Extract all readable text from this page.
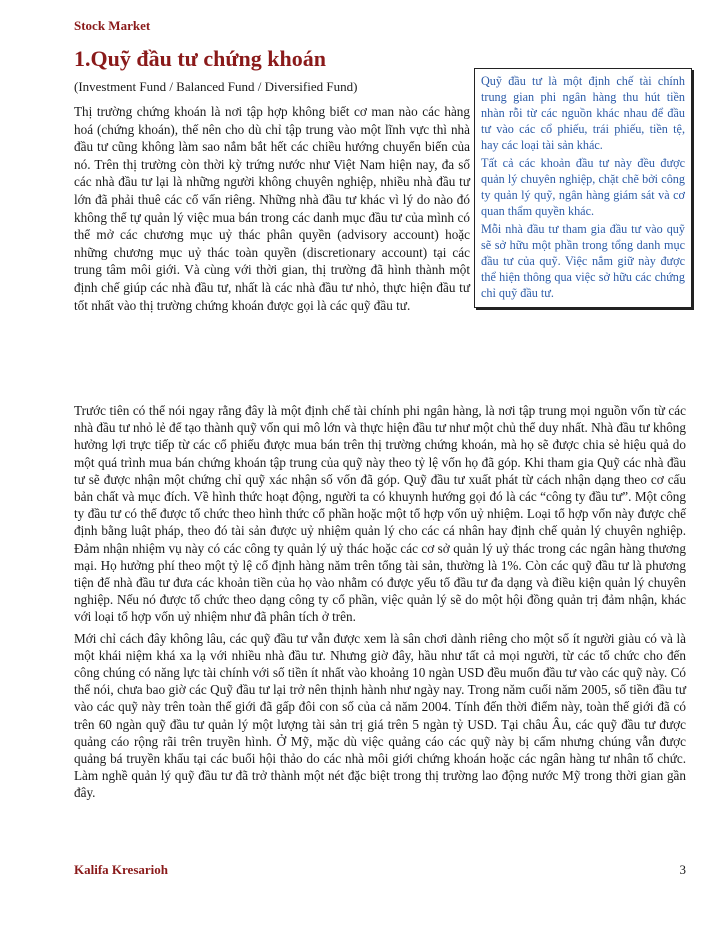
Stock Market
1.Quỹ đầu tư chứng khoán
(Investment Fund / Balanced Fund / Diversified Fund)

Thị trường chứng khoán là nơi tập hợp không biết cơ man nào các hàng hoá (chứng khoán), thế nên cho dù chỉ tập trung vào một lĩnh vực thì nhà đầu tư cũng không làm sao nắm bắt hết các chiều hướng chuyển biến của nó. Trên thị trường còn thời kỳ trứng nước như Việt Nam hiện nay, đa số các nhà đầu tư lại là những người không chuyên nghiệp, nhiều nhà đầu tư lớn đã phải thuê các cố vấn riêng. Những nhà đầu tư khác vì lý do nào đó không thể tự quản lý việc mua bán trong các danh mục đầu tư của mình có thể mở các chương mục uỷ thác phân quyền (advisory account) hoặc những chương mục uỷ thác toàn quyền (discretionary account) tại các trung tâm môi giới. Và cùng với thời gian, thị trường đã hình thành một định chế giúp các nhà đầu tư, nhất là các nhà đầu tư nhỏ, thực hiện đầu tư tốt nhất vào thị trường chứng khoán được gọi là các quỹ đầu tư.

Quỹ đầu tư là một định chế tài chính trung gian phi ngân hàng thu hút tiền nhàn rỗi từ các nguồn khác nhau để đầu tư vào các cổ phiếu, trái phiếu, tiền tệ, hay các loại tài sản khác.

Tất cả các khoản đầu tư này đều được quản lý chuyên nghiệp, chặt chẽ bởi công ty quản lý quỹ, ngân hàng giám sát và cơ quan thẩm quyền khác.

Mỗi nhà đầu tư tham gia đầu tư vào quỹ sẽ sở hữu một phần trong tổng danh mục đầu tư của quỹ. Việc nắm giữ này được thể hiện thông qua việc sở hữu các chứng chỉ quỹ đầu tư.

Trước tiên có thể nói ngay rằng đây là một định chế tài chính phi ngân hàng, là nơi tập trung mọi nguồn vốn từ các nhà đầu tư nhỏ lẻ để tạo thành quỹ vốn qui mô lớn và thực hiện đầu tư như một chủ thể duy nhất. Nhà đầu tư không hưởng lợi trực tiếp từ các cổ phiếu được mua bán trên thị trường chứng khoán, mà họ sẽ được chia sẻ hiệu quả do một quá trình mua bán chứng khoán tập trung của quỹ này theo tỷ lệ vốn họ đã góp. Khi tham gia Quỹ các nhà đầu tư sẽ được nhận một chứng chỉ quỹ xác nhận số vốn đã góp. Quỹ đầu tư xuất phát từ cách nhận dạng theo cơ cấu bản chất và mục đích. Về hình thức hoạt động, người ta có khuynh hướng gọi đó là các “công ty đầu tư”. Một công ty đầu tư có thể được tổ chức theo hình thức cổ phần hoặc một tổ hợp vốn uỷ nhiệm. Loại tổ hợp vốn này được chế định bằng luật pháp, theo đó tài sản được uỷ nhiệm quản lý cho các cá nhân hay định chế quản lý chuyên nghiệp. Đảm nhận nhiệm vụ này có các công ty quản lý uỷ thác hoặc các cơ sở quản lý uỷ thác trong các ngân hàng thương mại. Họ hưởng phí theo một tỷ lệ cố định hàng năm trên tổng tài sản, thường là 1%. Còn các quỹ đầu tư là phương tiện để nhà đầu tư đưa các khoản tiền của họ vào nhằm có được yếu tố đầu tư đa dạng và điều kiện quản lý chuyên nghiệp. Nếu nó được tổ chức theo dạng công ty cổ phần, việc quản lý sẽ do một hội đồng quản trị đảm nhận, khác với loại tổ hợp vốn uỷ nhiệm như đã phân tích ở trên.

Mới chỉ cách đây không lâu, các quỹ đầu tư vẫn được xem là sân chơi dành riêng cho một số ít người giàu có và là một khái niệm khá xa lạ với nhiều nhà đầu tư. Nhưng giờ đây, hầu như tất cả mọi người, từ các tổ chức cho đến công chúng có năng lực tài chính với số tiền ít nhất vào khoảng 10 ngàn USD đều muốn đầu tư vào các quỹ này. Có thể nói, chưa bao giờ các Quỹ đầu tư lại trở nên thịnh hành như ngày nay. Trong năm cuối năm 2005, số tiền đầu tư vào các quỹ này trên toàn thế giới đã gấp đôi con số của cả năm 2004. Tính đến thời điểm này, toàn thế giới đã có trên 60 ngàn quỹ đầu tư quản lý một lượng tài sản trị giá trên 5 ngàn tỷ USD. Tại châu Âu, các quỹ đầu tư được quảng cáo rộng rãi trên truyền hình. Ở Mỹ, mặc dù việc quảng cáo các quỹ này bị cấm nhưng chúng vẫn được quảng bá truyền khẩu tại các buổi hội thảo do các nhà môi giới chứng khoán hoặc các ngân hàng tư nhân tổ chức. Làm nghề quản lý quỹ đầu tư đã trở thành một nét đặc biệt trong thị trường lao động nước Mỹ trong thời gian gần đây.

Kalifa Kresarioh	3
